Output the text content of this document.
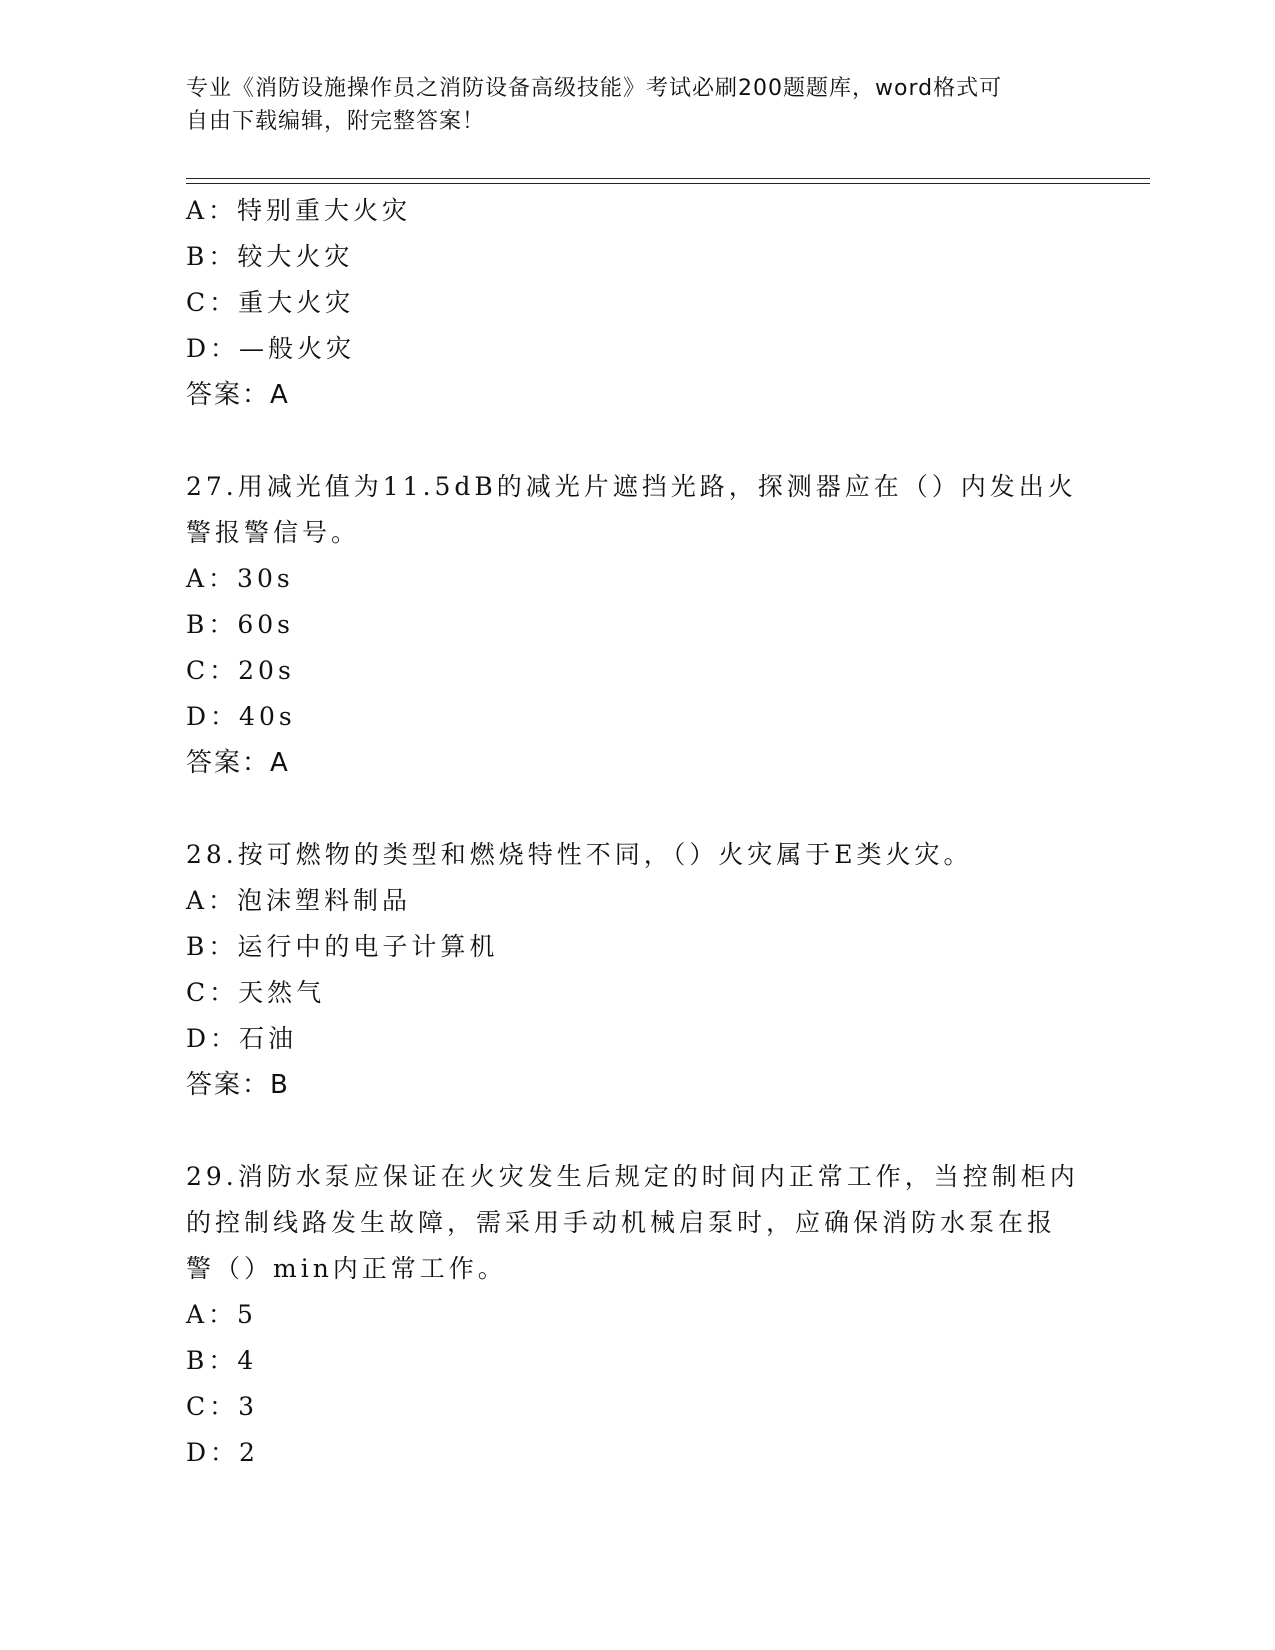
专业《消防设施操作员之消防设备高级技能》考试必刷200题题库，word格式可
自由下载编辑，附完整答案！
A：特别重大火灾
B：较大火灾
C：重大火灾
D：—般火灾
答案：A
27.用减光值为11.5dB的减光片遮挡光路，探测器应在（）内发出火
警报警信号。
A：30s
B：60s
C：20s
D：40s
答案：A
28.按可燃物的类型和燃烧特性不同，（）火灾属于E类火灾。
A：泡沫塑料制品
B：运行中的电子计算机
C：天然气
D：石油
答案：B
29.消防水泵应保证在火灾发生后规定的时间内正常工作，当控制柜内
的控制线路发生故障，需采用手动机械启泵时，应确保消防水泵在报
警（）min内正常工作。
A：5
B：4
C：3
D：2
